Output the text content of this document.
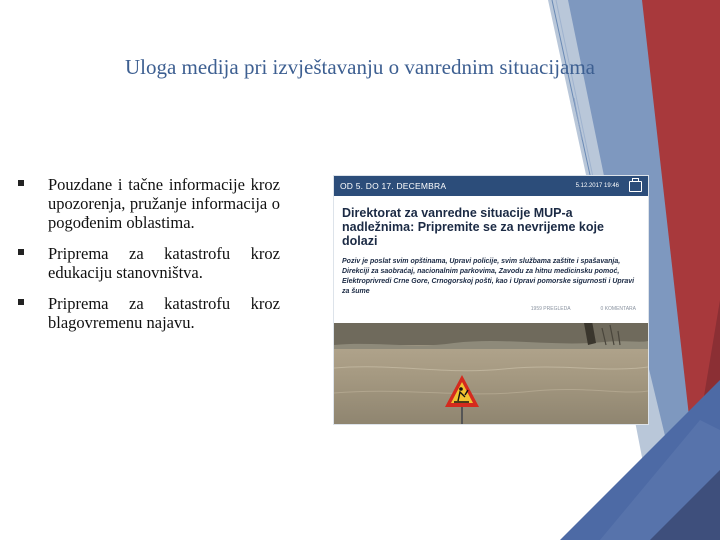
Uloga medija pri izvještavanju o vanrednim situacijama
Pouzdane i tačne informacije kroz upozorenja, pružanje informacija o pogođenim oblastima.
Priprema za katastrofu kroz edukaciju stanovništva.
Priprema za katastrofu kroz blagovremenu najavu.
OD 5. DO 17. DECEMBRA	5.12.2017 19:46
Direktorat za vanredne situacije MUP-a nadležnima: Pripremite se za nevrijeme koje dolazi
Poziv je poslat svim opštinama, Upravi policije, svim službama zaštite i spašavanja, Direkciji za saobraćaj, nacionalnim parkovima, Zavodu za hitnu medicinsku pomoć, Elektroprivredi Crne Gore, Crnogorskoj pošti, kao i Upravi pomorske sigurnosti i Upravi za šume
1959 PREGLEDA	0 KOMENTARA
